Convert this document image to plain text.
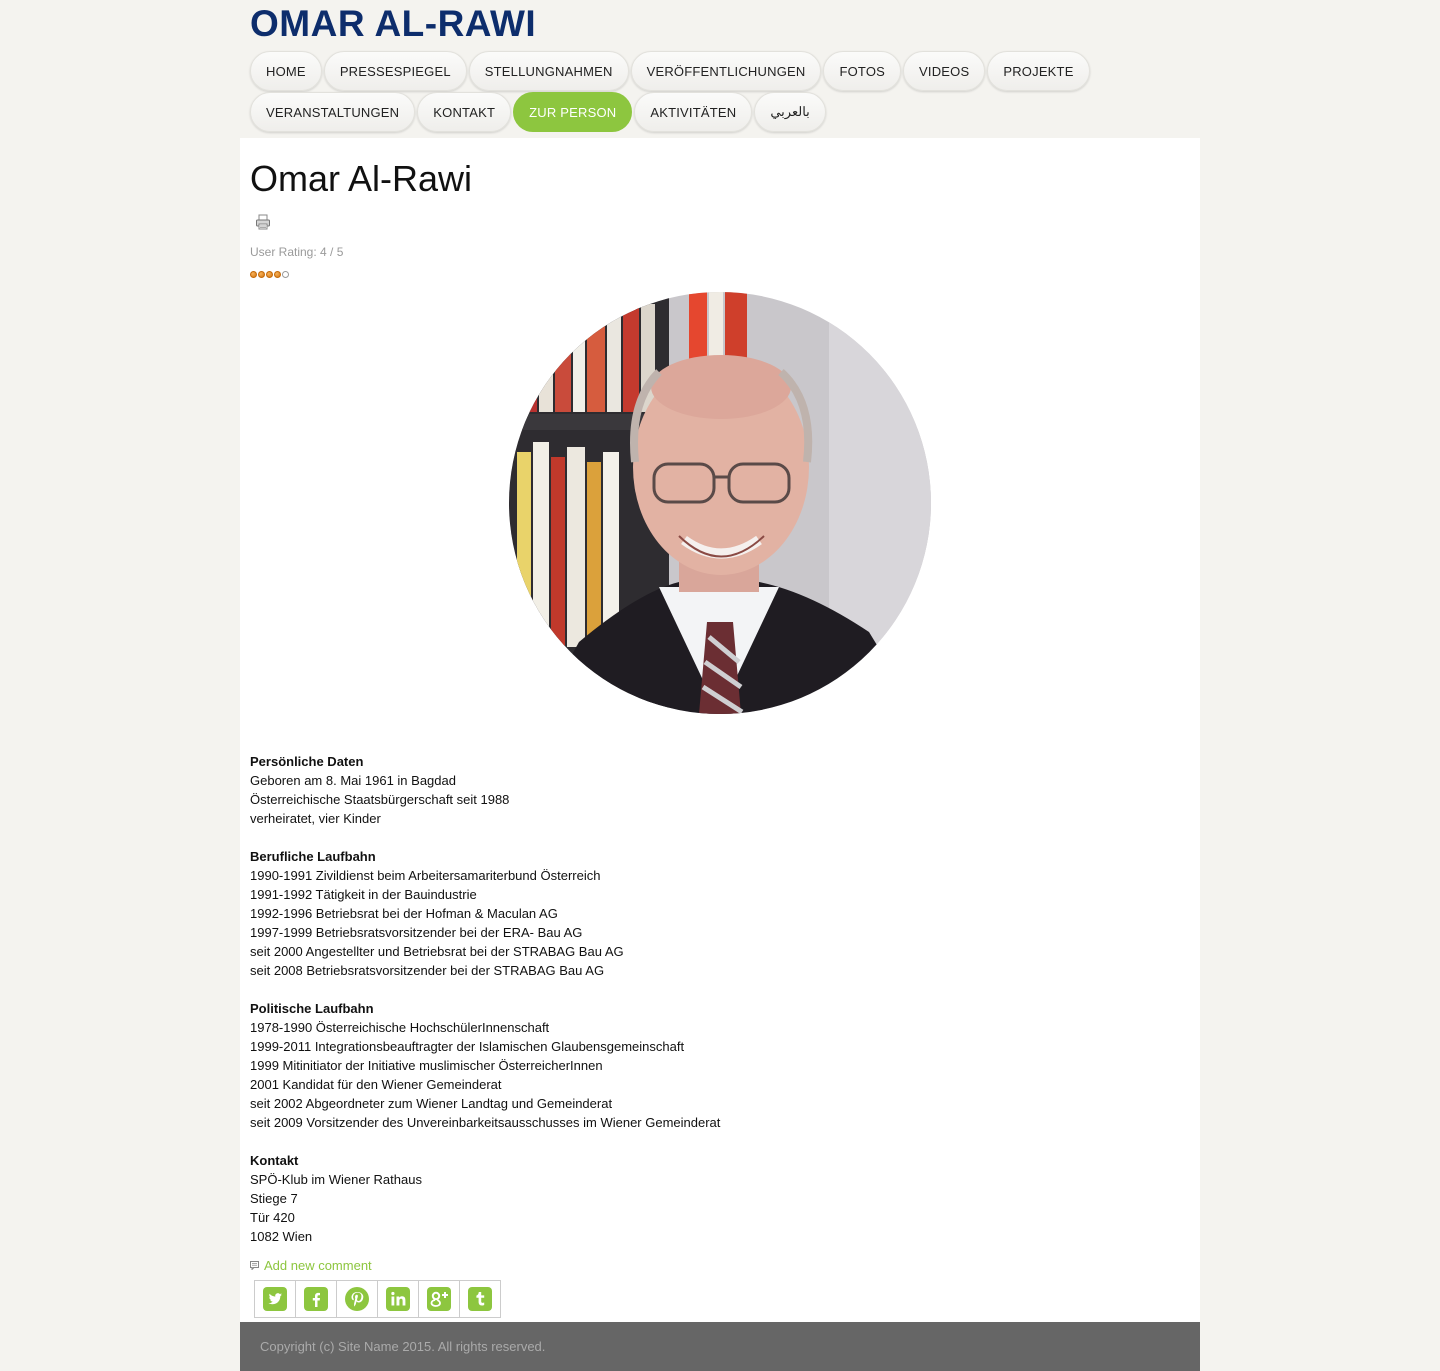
OMAR AL-RAWI
HOME	PRESSESPIEGEL	STELLUNGNAHMEN	VERÖFFENTLICHUNGEN	FOTOS	VIDEOS	PROJEKTE
VERANSTALTUNGEN	KONTAKT	ZUR PERSON	AKTIVITÄTEN	بالعربي
Omar Al-Rawi
User Rating: 4 / 5
Persönliche Daten
Geboren am 8. Mai 1961 in Bagdad
Österreichische Staatsbürgerschaft seit 1988
verheiratet, vier Kinder
Berufliche Laufbahn
1990-1991 Zivildienst beim Arbeitersamariterbund Österreich
1991-1992 Tätigkeit in der Bauindustrie
1992-1996 Betriebsrat bei der Hofman & Maculan AG
1997-1999 Betriebsratsvorsitzender bei der ERA- Bau AG
seit 2000 Angestellter und Betriebsrat bei der STRABAG Bau AG
seit 2008 Betriebsratsvorsitzender bei der STRABAG Bau AG
Politische Laufbahn
1978-1990 Österreichische HochschülerInnenschaft
1999-2011 Integrationsbeauftragter der Islamischen Glaubensgemeinschaft
1999 Mitinitiator der Initiative muslimischer ÖsterreicherInnen
2001 Kandidat für den Wiener Gemeinderat
seit 2002 Abgeordneter zum Wiener Landtag und Gemeinderat
seit 2009 Vorsitzender des Unvereinbarkeitsausschusses im Wiener Gemeinderat
Kontakt
SPÖ-Klub im Wiener Rathaus
Stiege 7
Tür 420
1082 Wien
Add new comment
Copyright (c) Site Name 2015. All rights reserved.
